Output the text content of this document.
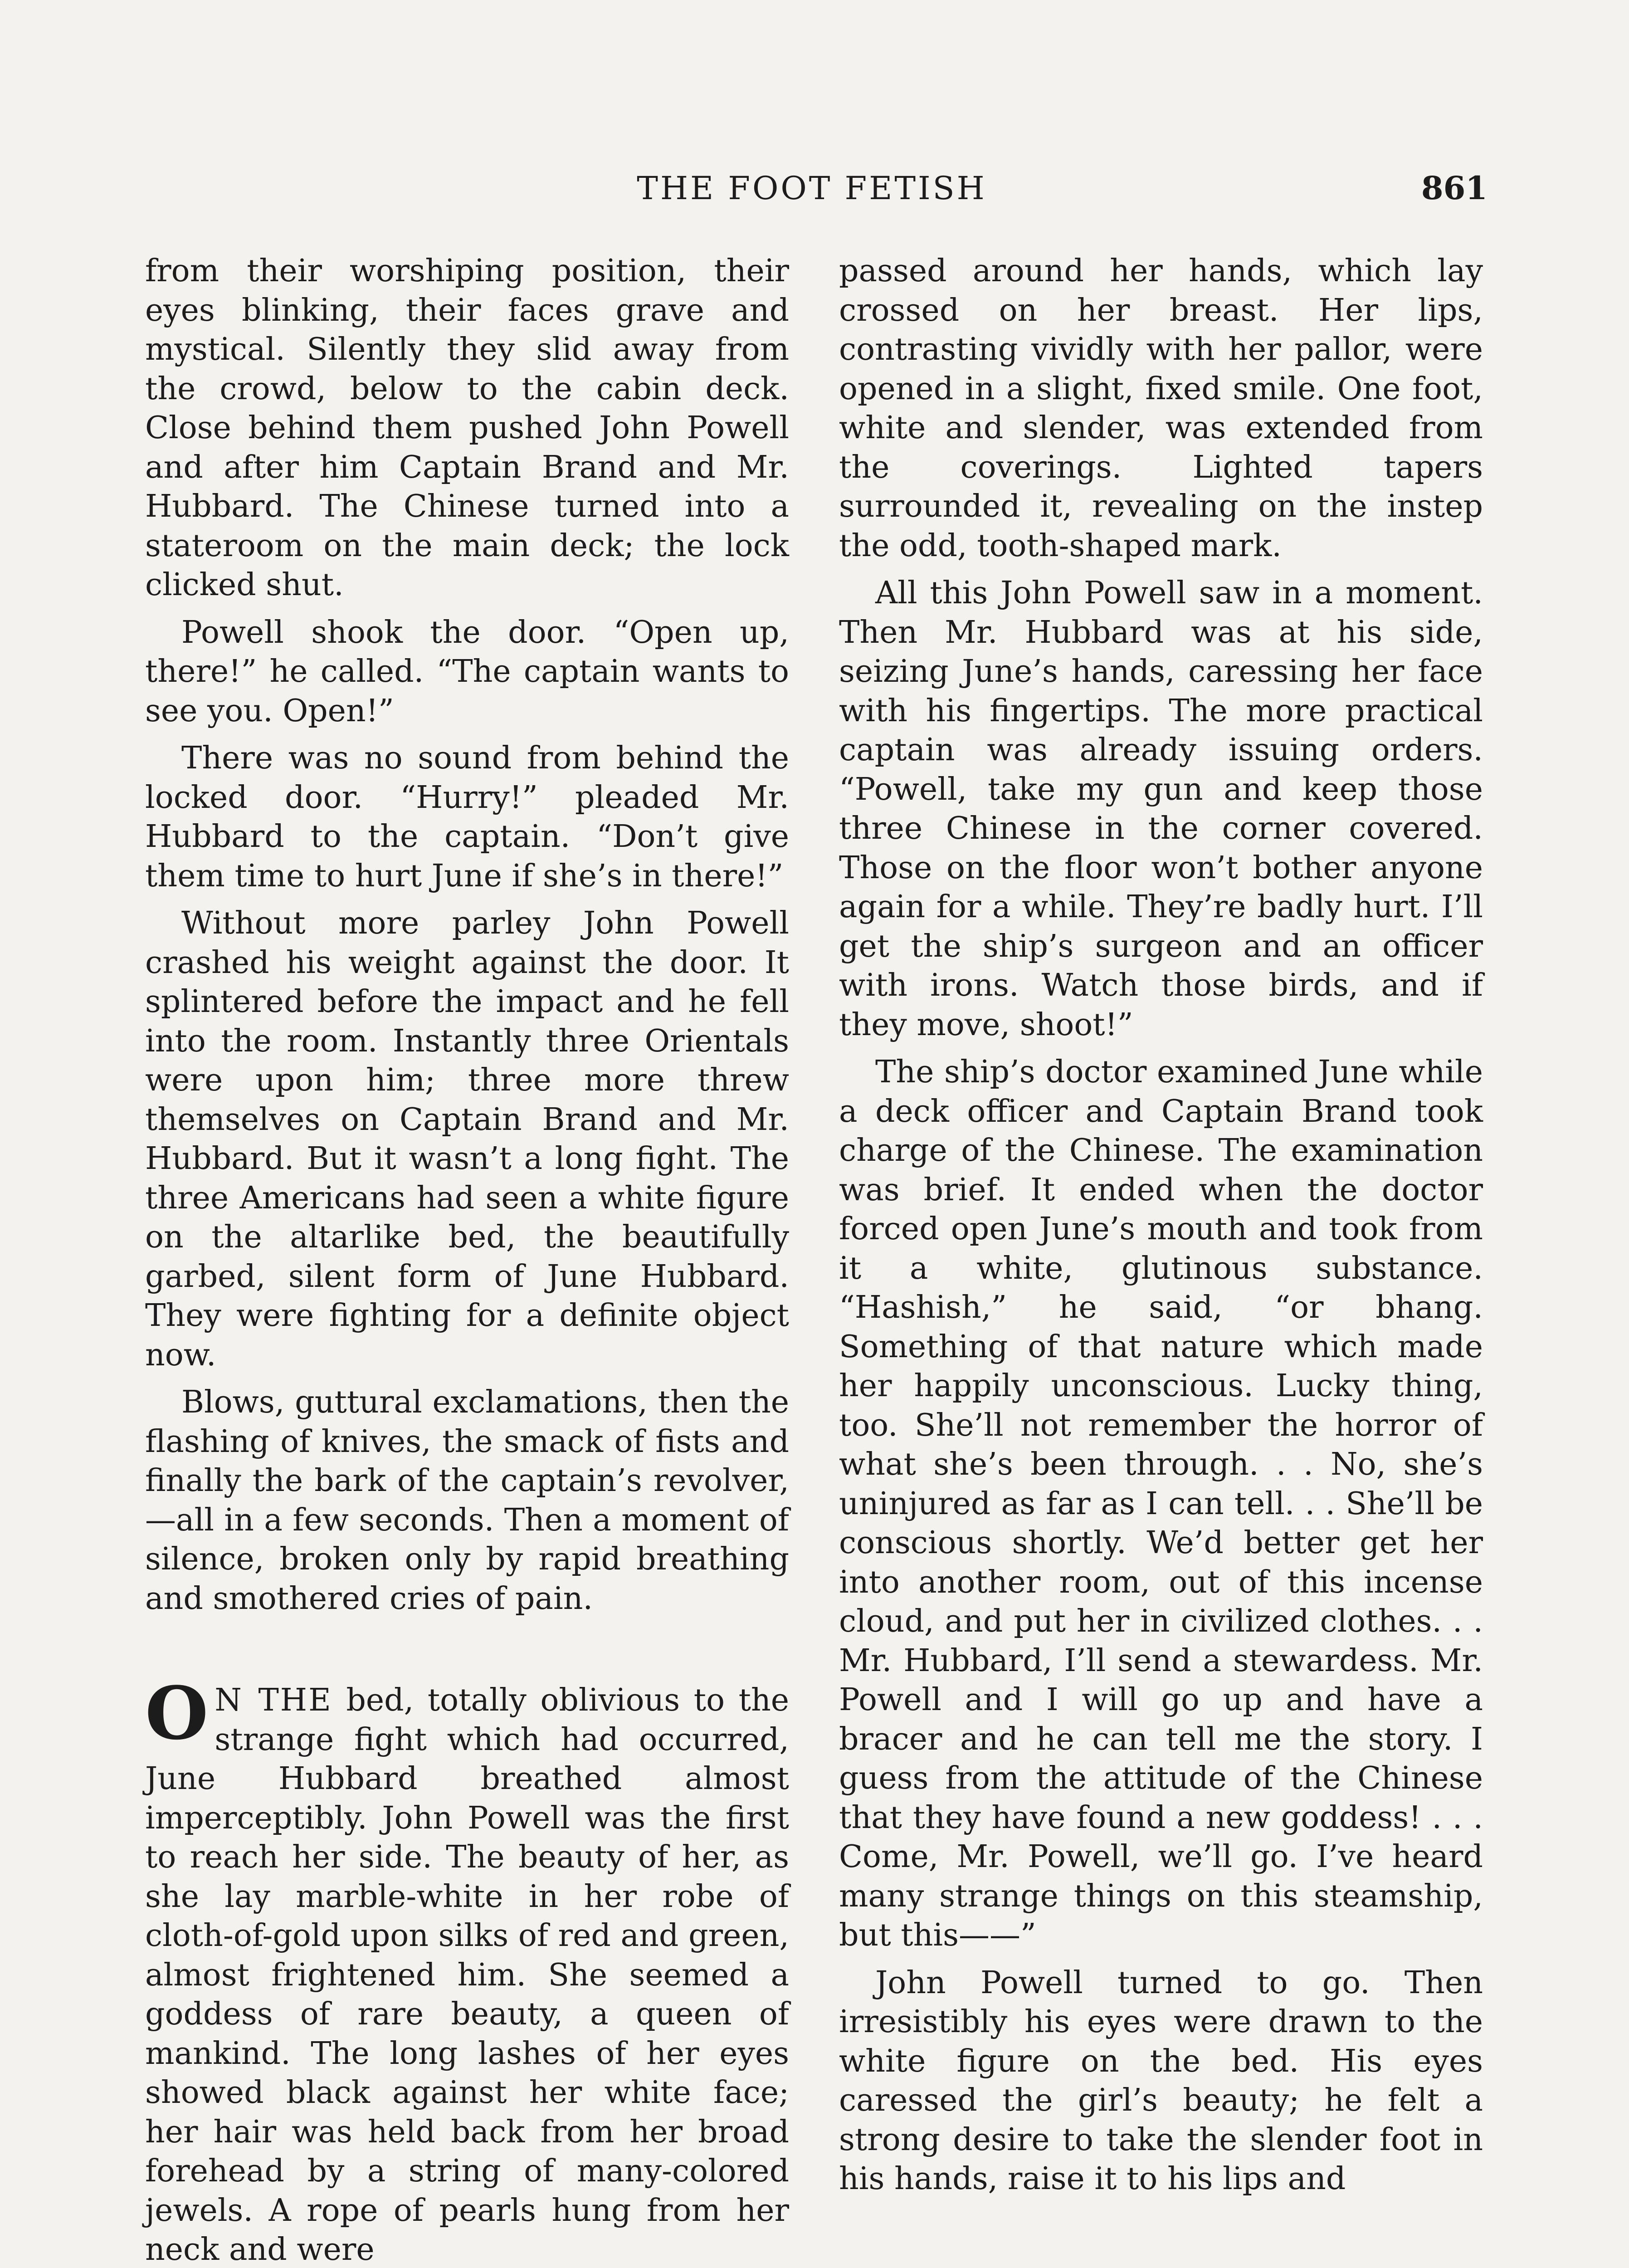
THE FOOT FETISH	861

from their worshiping position, their eyes blinking, their faces grave and mystical. Silently they slid away from the crowd, below to the cabin deck. Close behind them pushed John Powell and after him Captain Brand and Mr. Hubbard. The Chinese turned into a stateroom on the main deck; the lock clicked shut.

Powell shook the door. “Open up, there!” he called. “The captain wants to see you. Open!”

There was no sound from behind the locked door. “Hurry!” pleaded Mr. Hubbard to the captain. “Don’t give them time to hurt June if she’s in there!”

Without more parley John Powell crashed his weight against the door. It splintered before the impact and he fell into the room. Instantly three Orientals were upon him; three more threw themselves on Captain Brand and Mr. Hubbard. But it wasn’t a long fight. The three Americans had seen a white figure on the altarlike bed, the beautifully garbed, silent form of June Hubbard. They were fighting for a definite object now.

Blows, guttural exclamations, then the flashing of knives, the smack of fists and finally the bark of the captain’s revolver,—all in a few seconds. Then a moment of silence, broken only by rapid breathing and smothered cries of pain.

O N THE bed, totally oblivious to the strange fight which had occurred, June Hubbard breathed almost imperceptibly. John Powell was the first to reach her side. The beauty of her, as she lay marble-white in her robe of cloth-of-gold upon silks of red and green, almost frightened him. She seemed a goddess of rare beauty, a queen of mankind. The long lashes of her eyes showed black against her white face; her hair was held back from her broad forehead by a string of many-colored jewels. A rope of pearls hung from her neck and were

passed around her hands, which lay crossed on her breast. Her lips, contrasting vividly with her pallor, were opened in a slight, fixed smile. One foot, white and slender, was extended from the coverings. Lighted tapers surrounded it, revealing on the instep the odd, tooth-shaped mark.

All this John Powell saw in a moment. Then Mr. Hubbard was at his side, seizing June’s hands, caressing her face with his fingertips. The more practical captain was already issuing orders. “Powell, take my gun and keep those three Chinese in the corner covered. Those on the floor won’t bother anyone again for a while. They’re badly hurt. I’ll get the ship’s surgeon and an officer with irons. Watch those birds, and if they move, shoot!”

The ship’s doctor examined June while a deck officer and Captain Brand took charge of the Chinese. The examination was brief. It ended when the doctor forced open June’s mouth and took from it a white, glutinous substance. “Hashish,” he said, “or bhang. Something of that nature which made her happily unconscious. Lucky thing, too. She’ll not remember the horror of what she’s been through. . . No, she’s uninjured as far as I can tell. . . She’ll be conscious shortly. We’d better get her into another room, out of this incense cloud, and put her in civilized clothes. . . Mr. Hubbard, I’ll send a stewardess. Mr. Powell and I will go up and have a bracer and he can tell me the story. I guess from the attitude of the Chinese that they have found a new goddess! . . . Come, Mr. Powell, we’ll go. I’ve heard many strange things on this steamship, but this——”

John Powell turned to go. Then irresistibly his eyes were drawn to the white figure on the bed. His eyes caressed the girl’s beauty; he felt a strong desire to take the slender foot in his hands, raise it to his lips and
